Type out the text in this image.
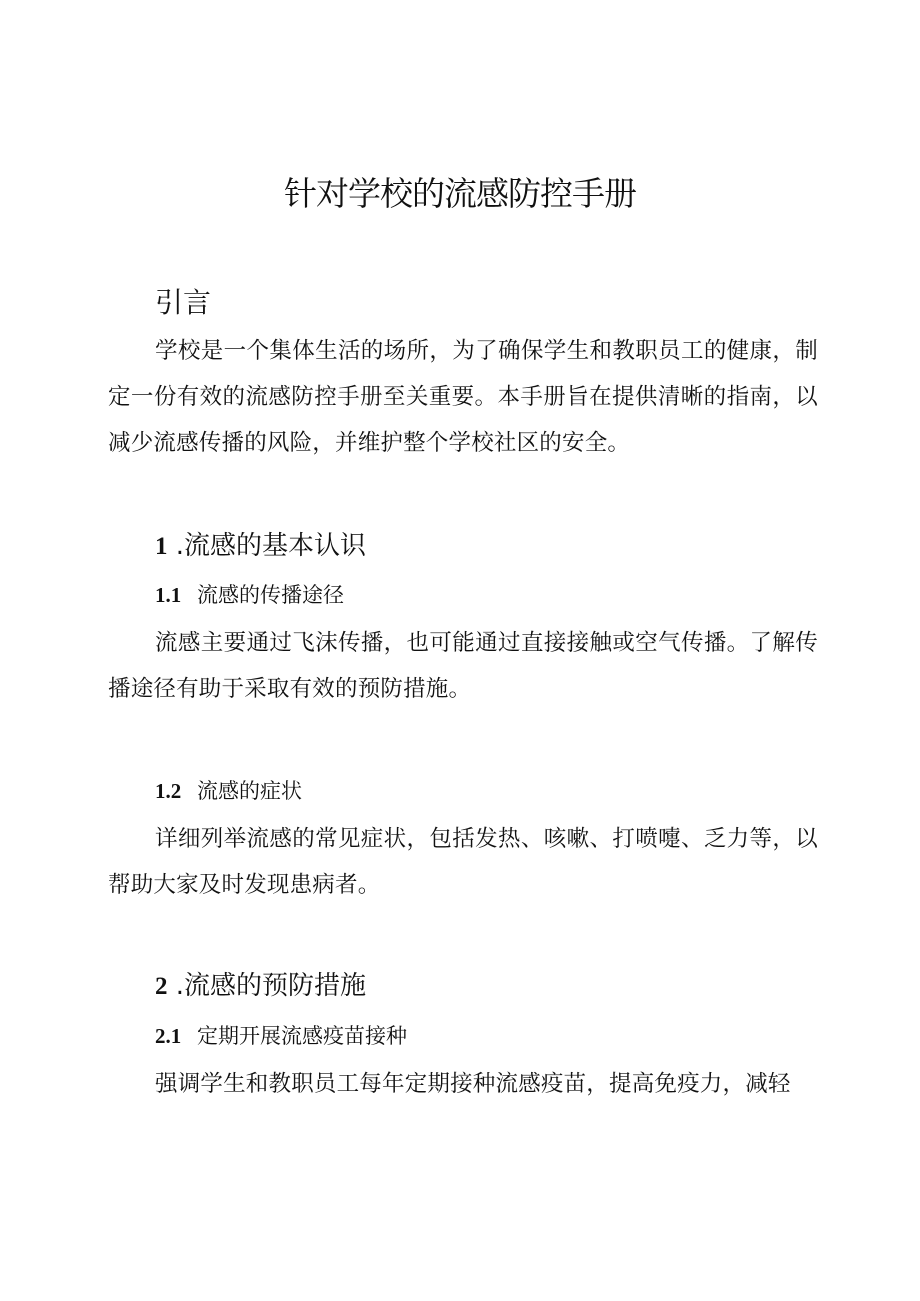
针对学校的流感防控手册
引言

学校是一个集体生活的场所，为了确保学生和教职员工的健康，制定一份有效的流感防控手册至关重要。本手册旨在提供清晰的指南，以减少流感传播的风险，并维护整个学校社区的安全。

1 .流感的基本认识
1.1 流感的传播途径

流感主要通过飞沫传播，也可能通过直接接触或空气传播。了解传播途径有助于采取有效的预防措施。

1.2 流感的症状

详细列举流感的常见症状，包括发热、咳嗽、打喷嚏、乏力等，以帮助大家及时发现患病者。

2 .流感的预防措施
2.1 定期开展流感疫苗接种

强调学生和教职员工每年定期接种流感疫苗，提高免疫力，减轻
